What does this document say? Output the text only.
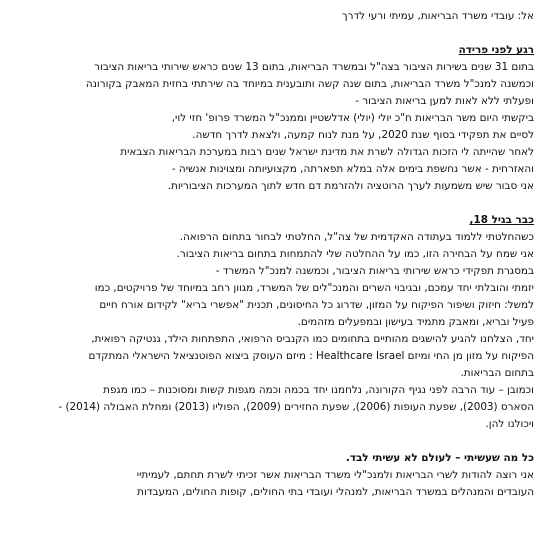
אל: עובדי משרד הבריאות, עמיתי ורעי לדרך
רגע לפני פרידה
בתום 31 שנים בשירות הציבור בצה"ל ובמשרד הבריאות, בתום 13 שנים כראש שירותי בריאות הציבור
וכמשנה למנכ"ל משרד הבריאות, בתום שנה קשה ותובענית במיוחד בה שירתתי בחזית המאבק בקורונה
ופעלתי ללא לאות למען בריאות הציבור -
ביקשתי היום משר הבריאות ח"כ יולי (יולי) אדלשטיין וממנכ"ל המשרד פרופ' חזי לוי,
לסיים את תפקידי בסוף שנת 2020, על מנת לנוח קמעה, ולצאת לדרך חדשה.
לאחר שהייתה לי הזכות הגדולה לשרת את מדינת ישראל שנים רבות במערכת הבריאות הצבאית
והאזרחית - אשר נחשפת בימים אלה במלא תפארתה, מקצועיותה ומצוינות אנשיה -
אני סבור שיש משמעות לערך הרוטציה ולהזרמת דם חדש לתוך המערכות הציבוריות.
כבר בגיל 18,
כשהחלטתי ללמוד בעתודה האקדמית של צה"ל, החלטתי לבחור בתחום הרפואה.
אני שמח על הבחירה הזו, כמו על ההחלטה שלי להתמחות בתחום בריאות הציבור.
במסגרת תפקידי כראש שירותי בריאות הציבור, וכמשנה למנכ"ל המשרד -
יזמתי והובלתי יחד עמכם, ובגיבוי השרים והמנכ"לים של המשרד, מגוון רחב במיוחד של פרויקטים, כמו
למשל: חיזוק ושיפור הפיקוח על המזון, שדרוג כל החיסונים, תכנית "אפשרי בריא" לקידום אורח חיים
פעיל ובריא, ומאבק מתמיד בעישון ובמפעלים מזהמים.
יחד, הצלחנו להגיע להישגים מהותיים בתחומים כמו הקנביס הרפואי, התפתחות הילד, גנטיקה רפואית,
הפיקוח על מזון מן החי ומיזם Healthcare Israel : מיזם העוסק ביצוא הפוטנציאל הישראלי המתקדם
בתחום הבריאות.
וכמובן – עוד הרבה לפני נגיף הקורונה, נלחמנו יחד בכמה וכמה מגפות קשות ומסוכנות – כמו מגפת
הסארס (2003), שפעת העופות (2006), שפעת החזירים (2009), הפוליו (2013) ומחלת האבולה (2014) -
ויכולנו להן.
כל מה שעשיתי – לעולם לא עשיתי לבד.
אני רוצה להודות לשרי הבריאות ולמנכ"לי משרד הבריאות אשר זכיתי לשרת תחתם, לעמיתיי
העובדים והמנהלים במשרד הבריאות, למנהלי ועובדי בתי החולים, קופות החולים, המעבדות
